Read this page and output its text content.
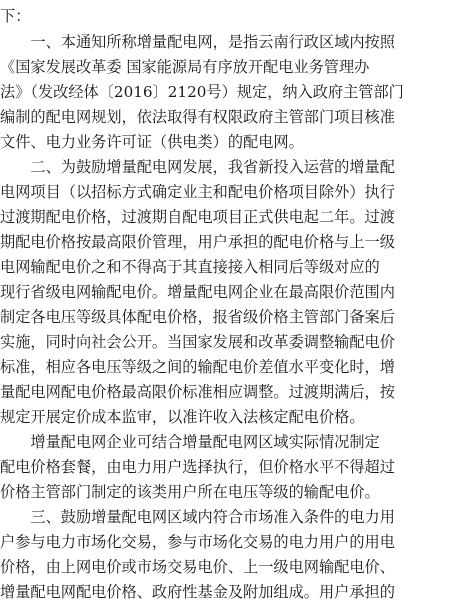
下：
　　一、本通知所称增量配电网，是指云南行政区域内按照
《国家发展改革委 国家能源局有序放开配电业务管理办
法》（发改经体〔2016〕2120号）规定，纳入政府主管部门
编制的配电网规划，依法取得有权限政府主管部门项目核准
文件、电力业务许可证（供电类）的配电网。
　　二、为鼓励增量配电网发展，我省新投入运营的增量配
电网项目（以招标方式确定业主和配电价格项目除外）执行
过渡期配电价格，过渡期自配电项目正式供电起二年。过渡
期配电价格按最高限价管理，用户承担的配电价格与上一级
电网输配电价之和不得高于其直接接入相同后等级对应的
现行省级电网输配电价。增量配电网企业在最高限价范围内
制定各电压等级具体配电价格，报省级价格主管部门备案后
实施，同时向社会公开。当国家发展和改革委调整输配电价
标准，相应各电压等级之间的输配电价差值水平变化时，增
量配电网配电价格最高限价标准相应调整。过渡期满后，按
规定开展定价成本监审，以准许收入法核定配电价格。
　　增量配电网企业可结合增量配电网区域实际情况制定
配电价格套餐，由电力用户选择执行，但价格水平不得超过
价格主管部门制定的该类用户所在电压等级的输配电价。
　　三、鼓励增量配电网区域内符合市场准入条件的电力用
户参与电力市场化交易，参与市场化交易的电力用户的用电
价格，由上网电价或市场交易电价、上一级电网输配电价、
增量配电网配电价格、政府性基金及附加组成。用户承担的
